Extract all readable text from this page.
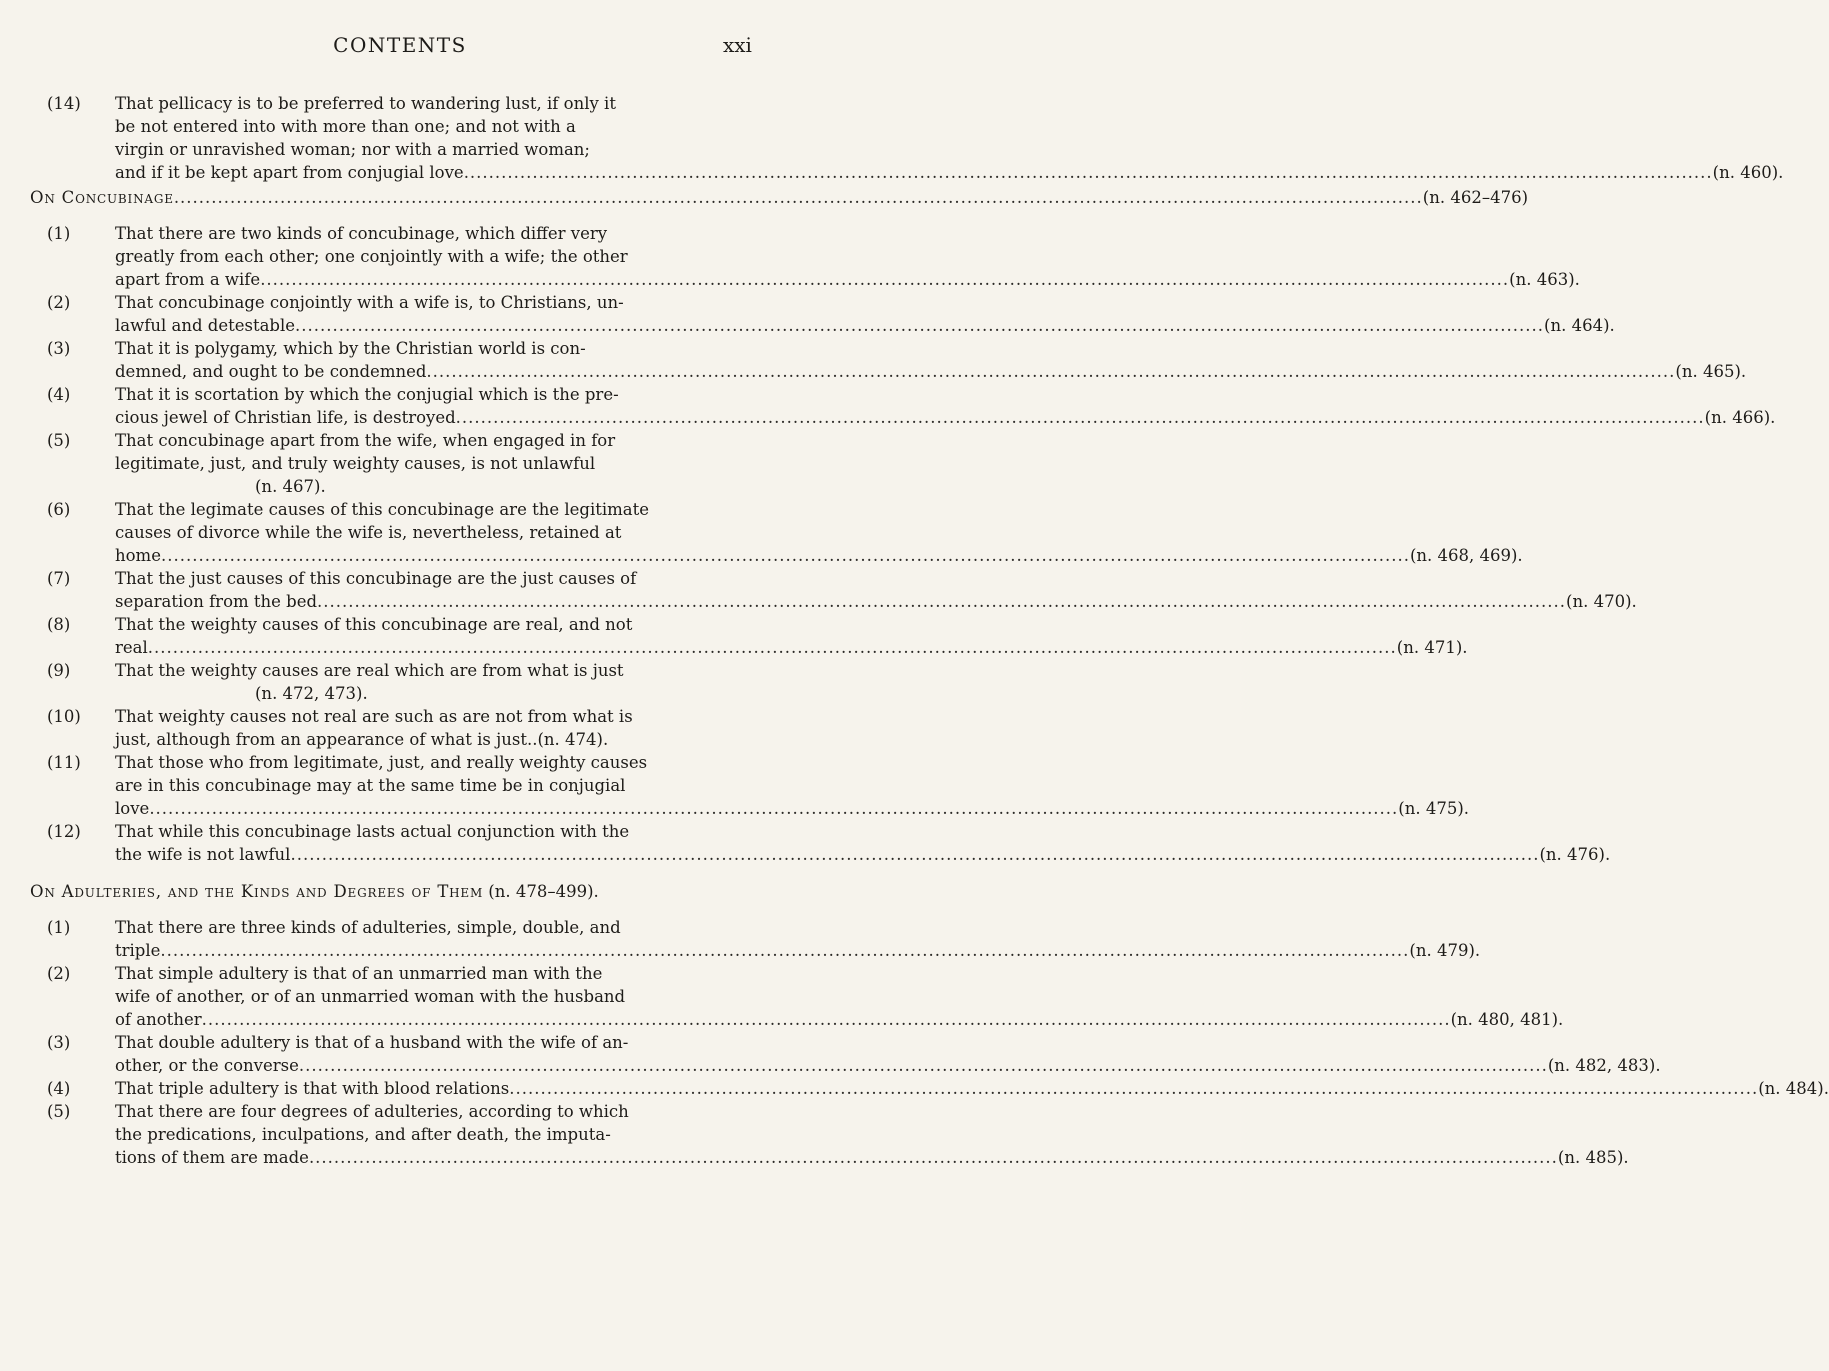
CONTENTS	xxi
(14)	That pellicacy is to be preferred to wandering lust, if only it
be not entered into with more than one; and not with a
virgin or unravished woman; nor with a married woman;
and if it be kept apart from conjugial love ........................................................................................................................................................................................................ (n. 460).
On Concubinage ........................................................................................................................................................................................................ (n. 462–476)
(1)	That there are two kinds of concubinage, which differ very
greatly from each other; one conjointly with a wife; the other
apart from a wife ........................................................................................................................................................................................................ (n. 463).
(2)	That concubinage conjointly with a wife is, to Christians, un-
lawful and detestable ........................................................................................................................................................................................................ (n. 464).
(3)	That it is polygamy, which by the Christian world is con-
demned, and ought to be condemned ........................................................................................................................................................................................................ (n. 465).
(4)	That it is scortation by which the conjugial which is the pre-
cious jewel of Christian life, is destroyed ........................................................................................................................................................................................................ (n. 466).
(5)	That concubinage apart from the wife, when engaged in for
legitimate, just, and truly weighty causes, is not unlawful
(n. 467).
(6)	That the legimate causes of this concubinage are the legitimate
causes of divorce while the wife is, nevertheless, retained at
home ........................................................................................................................................................................................................ (n. 468, 469).
(7)	That the just causes of this concubinage are the just causes of
separation from the bed ........................................................................................................................................................................................................ (n. 470).
(8)	That the weighty causes of this concubinage are real, and not
real ........................................................................................................................................................................................................ (n. 471).
(9)	That the weighty causes are real which are from what is just
(n. 472, 473).
(10)	That weighty causes not real are such as are not from what is
just, although from an appearance of what is just.. (n. 474).
(11)	That those who from legitimate, just, and really weighty causes
are in this concubinage may at the same time be in conjugial
love ........................................................................................................................................................................................................ (n. 475).
(12)	That while this concubinage lasts actual conjunction with the
the wife is not lawful ........................................................................................................................................................................................................ (n. 476).
On Adulteries, and the Kinds and Degrees of Them
(n. 478–499).
(1)	That there are three kinds of adulteries, simple, double, and
triple ........................................................................................................................................................................................................ (n. 479).
(2)	That simple adultery is that of an unmarried man with the
wife of another, or of an unmarried woman with the husband
of another ........................................................................................................................................................................................................ (n. 480, 481).
(3)	That double adultery is that of a husband with the wife of an-
other, or the converse ........................................................................................................................................................................................................ (n. 482, 483).
(4)	That triple adultery is that with blood relations ........................................................................................................................................................................................................ (n. 484).
(5)	That there are four degrees of adulteries, according to which
the predications, inculpations, and after death, the imputa-
tions of them are made ........................................................................................................................................................................................................ (n. 485).
